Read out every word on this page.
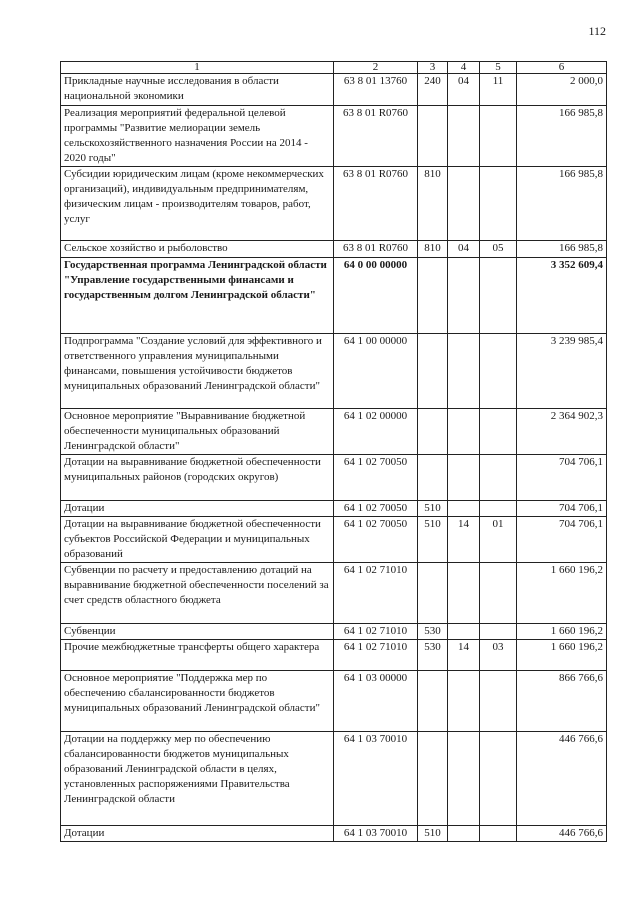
112
1	2	3	4	5	6
Прикладные научные исследования в области национальной экономики	63 8 01 13760	240	04	11	2 000,0
Реализация мероприятий федеральной целевой программы "Развитие мелиорации земель сельскохозяйственного назначения России на 2014 - 2020 годы"	63 8 01 R0760				166 985,8
Субсидии юридическим лицам (кроме некоммерческих организаций), индивидуальным предпринимателям, физическим лицам - производителям товаров, работ, услуг	63 8 01 R0760	810			166 985,8
Сельское хозяйство и рыболовство	63 8 01 R0760	810	04	05	166 985,8
Государственная программа Ленинградской области "Управление государственными финансами и государственным долгом Ленинградской области"	64 0 00 00000				3 352 609,4
Подпрограмма "Создание условий для эффективного и ответственного управления муниципальными финансами, повышения устойчивости бюджетов муниципальных образований Ленинградской области"	64 1 00 00000				3 239 985,4
Основное мероприятие "Выравнивание бюджетной обеспеченности муниципальных образований Ленинградской области"	64 1 02 00000				2 364 902,3
Дотации на выравнивание бюджетной обеспеченности муниципальных районов (городских округов)	64 1 02 70050				704 706,1
Дотации	64 1 02 70050	510			704 706,1
Дотации на выравнивание бюджетной обеспеченности субъектов Российской Федерации и муниципальных образований	64 1 02 70050	510	14	01	704 706,1
Субвенции по расчету и предоставлению дотаций на выравнивание бюджетной обеспеченности поселений за счет средств областного бюджета	64 1 02 71010				1 660 196,2
Субвенции	64 1 02 71010	530			1 660 196,2
Прочие межбюджетные трансферты общего характера	64 1 02 71010	530	14	03	1 660 196,2
Основное мероприятие "Поддержка мер по обеспечению сбалансированности бюджетов муниципальных образований Ленинградской области"	64 1 03 00000				866 766,6
Дотации на поддержку мер по обеспечению сбалансированности бюджетов муниципальных образований Ленинградской области в целях, установленных распоряжениями Правительства Ленинградской области	64 1 03 70010				446 766,6
Дотации	64 1 03 70010	510			446 766,6
